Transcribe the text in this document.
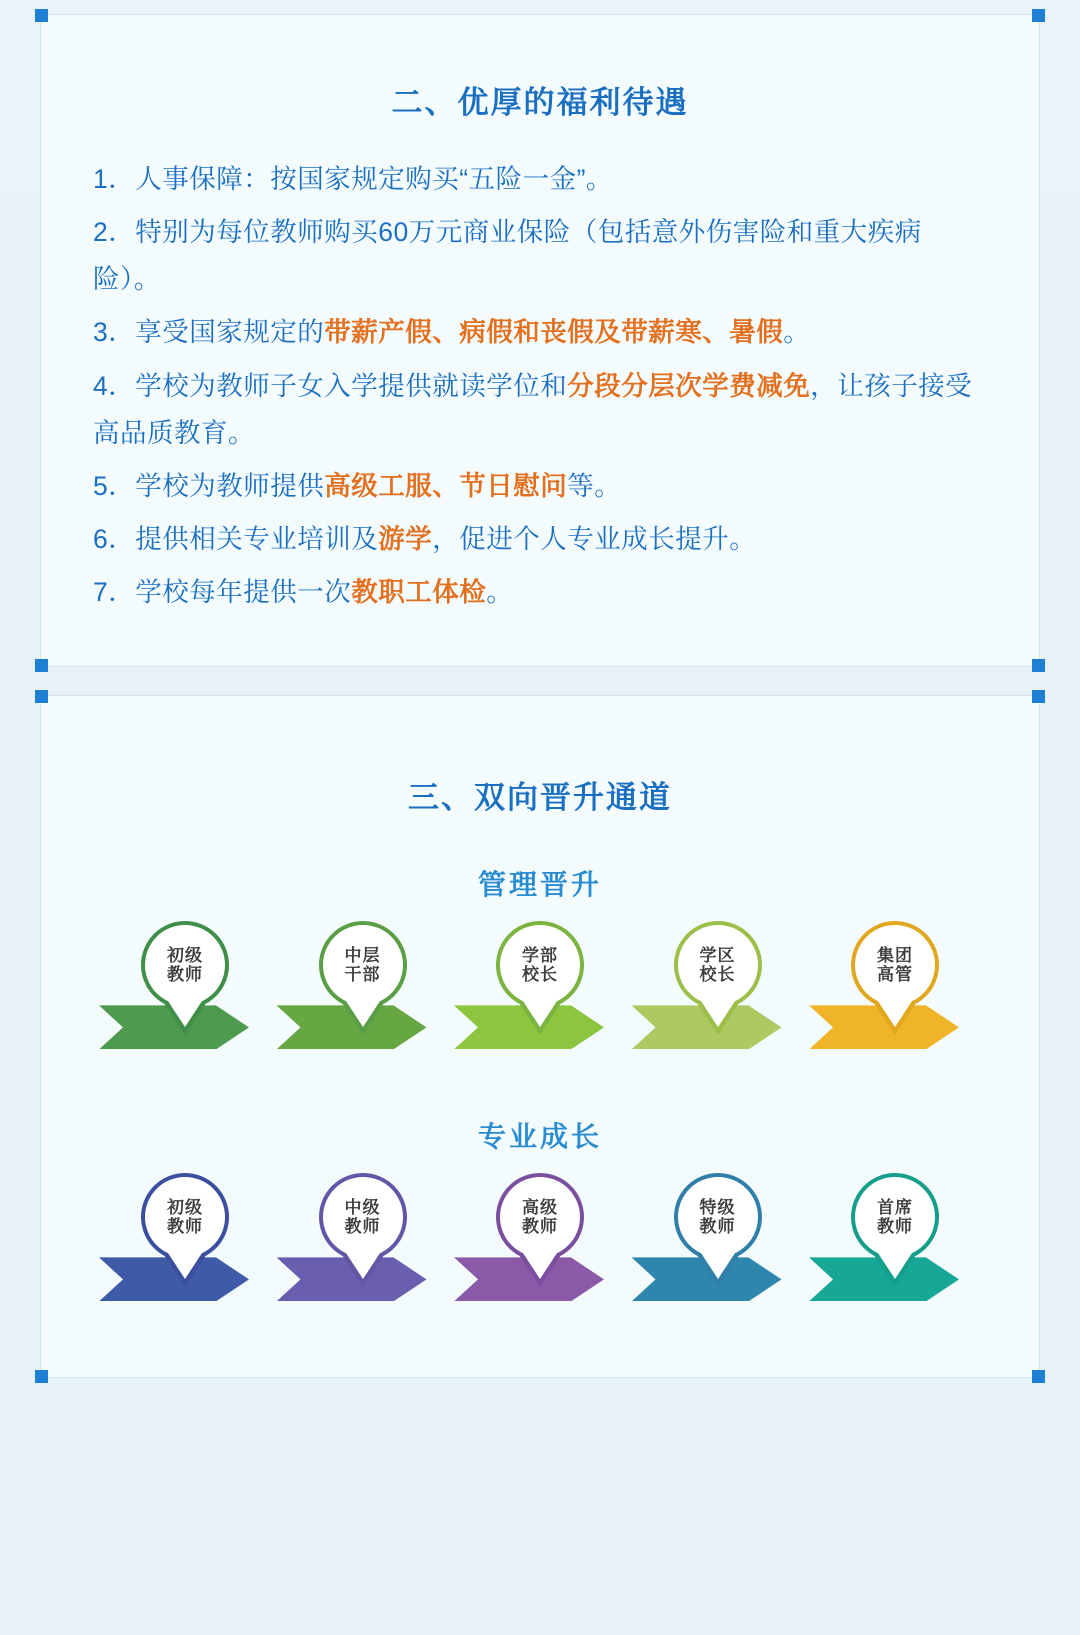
二、优厚的福利待遇
1．人事保障：按国家规定购买“五险一金”。
2．特别为每位教师购买60万元商业保险（包括意外伤害险和重大疾病险）。
3．享受国家规定的带薪产假、病假和丧假及带薪寒、暑假。
4．学校为教师子女入学提供就读学位和分段分层次学费减免，让孩子接受高品质教育。
5．学校为教师提供高级工服、节日慰问等。
6．提供相关专业培训及游学，促进个人专业成长提升。
7．学校每年提供一次教职工体检。
三、双向晋升通道
管理晋升
初级
教师
中层
干部
学部
校长
学区
校长
集团
高管
专业成长
初级
教师
中级
教师
高级
教师
特级
教师
首席
教师
